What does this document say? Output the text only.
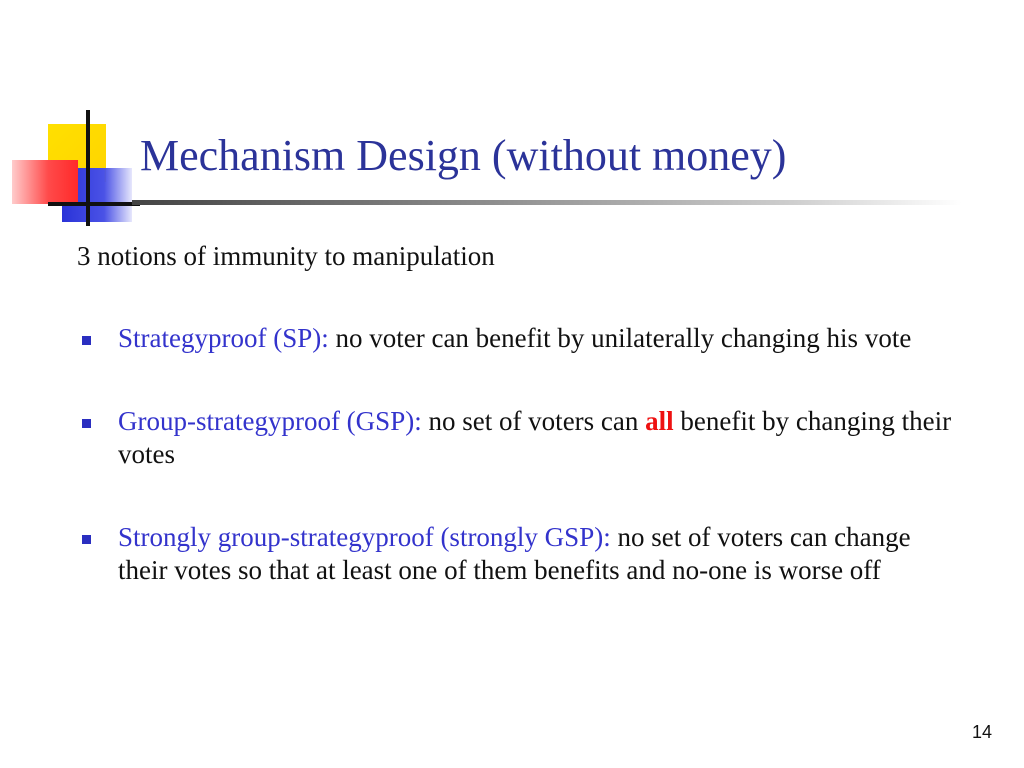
Mechanism Design (without money)

3 notions of immunity to manipulation

Strategyproof (SP): no voter can benefit by unilaterally changing his vote
Group-strategyproof (GSP): no set of voters can all benefit by changing their votes
Strongly group-strategyproof (strongly GSP): no set of voters can change their votes so that at least one of them benefits and no-one is worse off
14
